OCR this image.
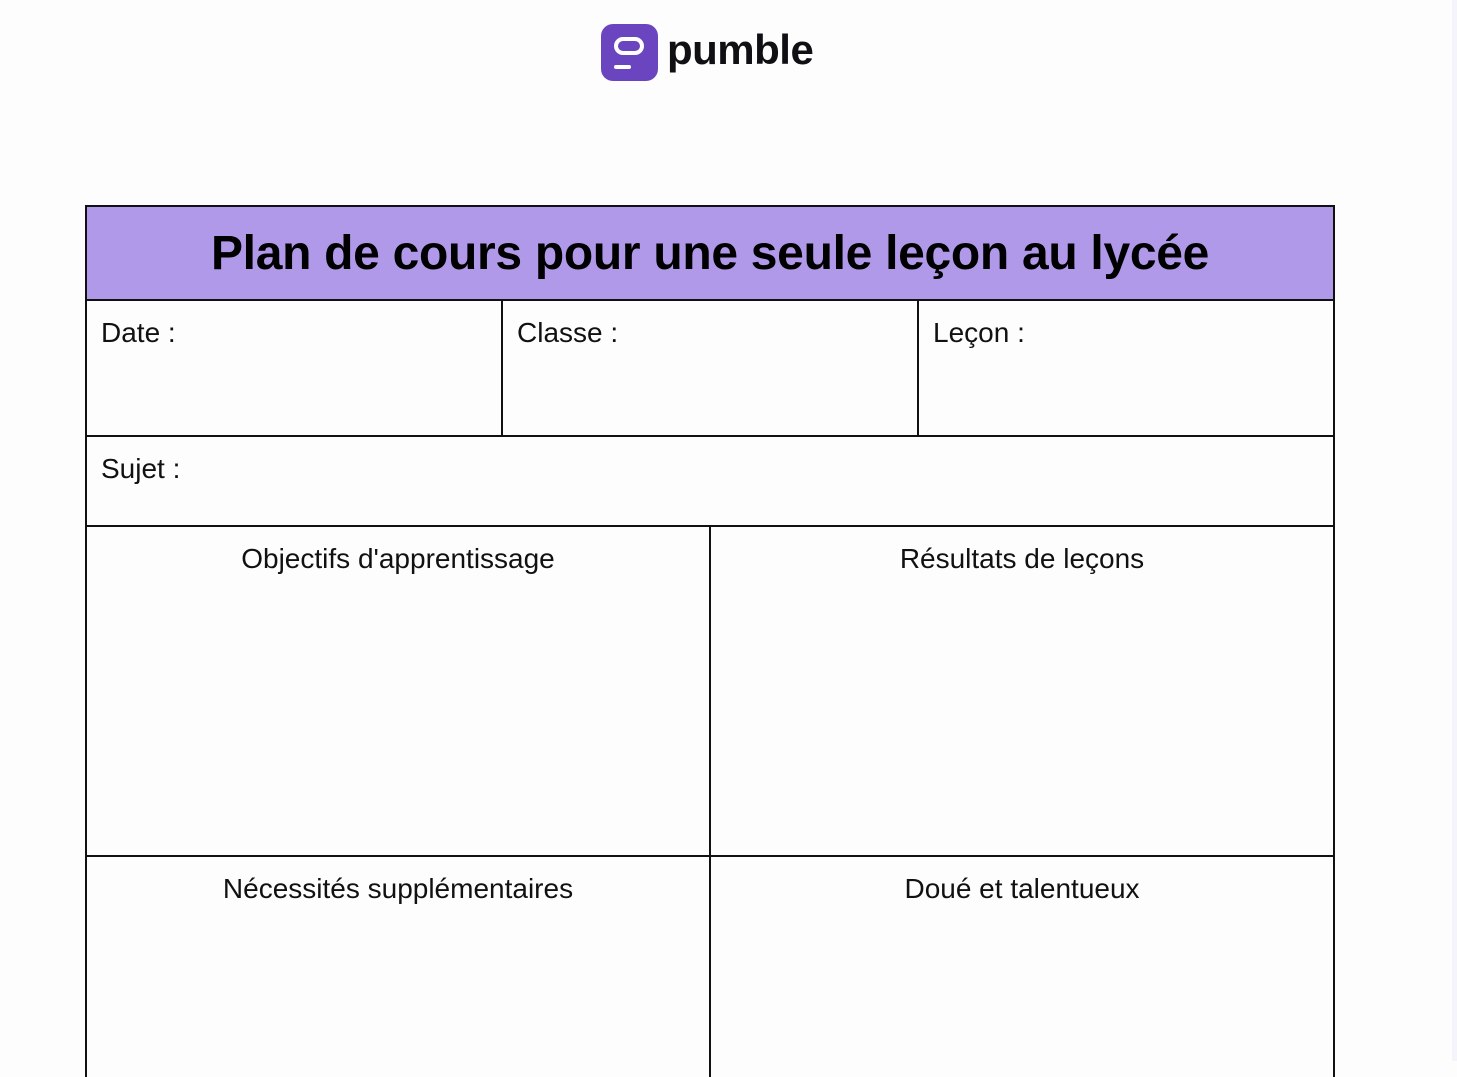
pumble
Plan de cours pour une seule leçon au lycée
Date :	Classe :	Leçon :
Sujet :
Objectifs d'apprentissage	Résultats de leçons
Nécessités supplémentaires	Doué et talentueux
